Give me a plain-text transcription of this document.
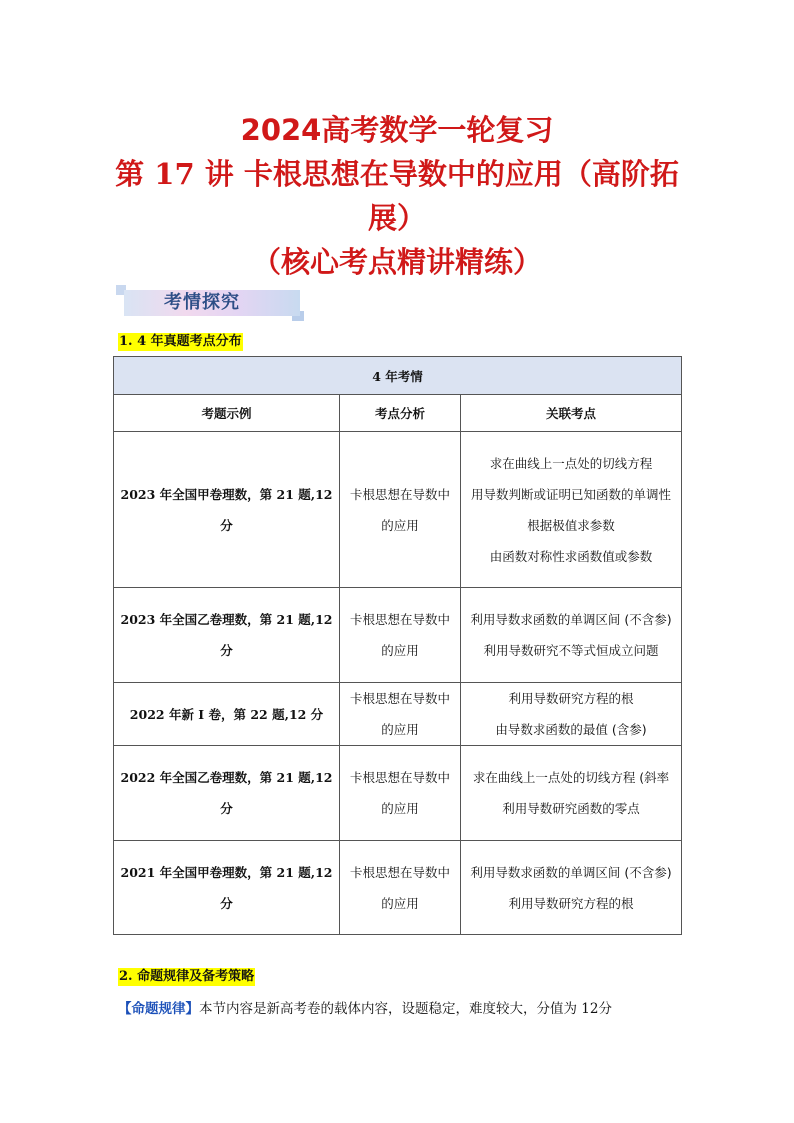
2024高考数学一轮复习
第 17 讲 卡根思想在导数中的应用（高阶拓展）
（核心考点精讲精练）
考情探究
1. 4 年真题考点分布
4 年考情		
考题示例	考点分析	关联考点
2023 年全国甲卷理数，第 21 题,12 分	卡根思想在导数中的应用	求在曲线上一点处的切线方程
用导数判断或证明已知函数的单调性
根据极值求参数
由函数对称性求函数值或参数

2023 年全国乙卷理数，第 21 题,12 分	卡根思想在导数中的应用	利用导数求函数的单调区间 (不含参)
利用导数研究不等式恒成立问题

2022 年新 I 卷，第 22 题,12 分	卡根思想在导数中的应用	利用导数研究方程的根
由导数求函数的最值 (含参)

2022 年全国乙卷理数，第 21 题,12 分	卡根思想在导数中的应用	求在曲线上一点处的切线方程 (斜率
利用导数研究函数的零点

2021 年全国甲卷理数，第 21 题,12 分	卡根思想在导数中的应用	利用导数求函数的单调区间 (不含参)
利用导数研究方程的根
2. 命题规律及备考策略
【命题规律】本节内容是新高考卷的载体内容，设题稳定，难度较大，分值为 12分
